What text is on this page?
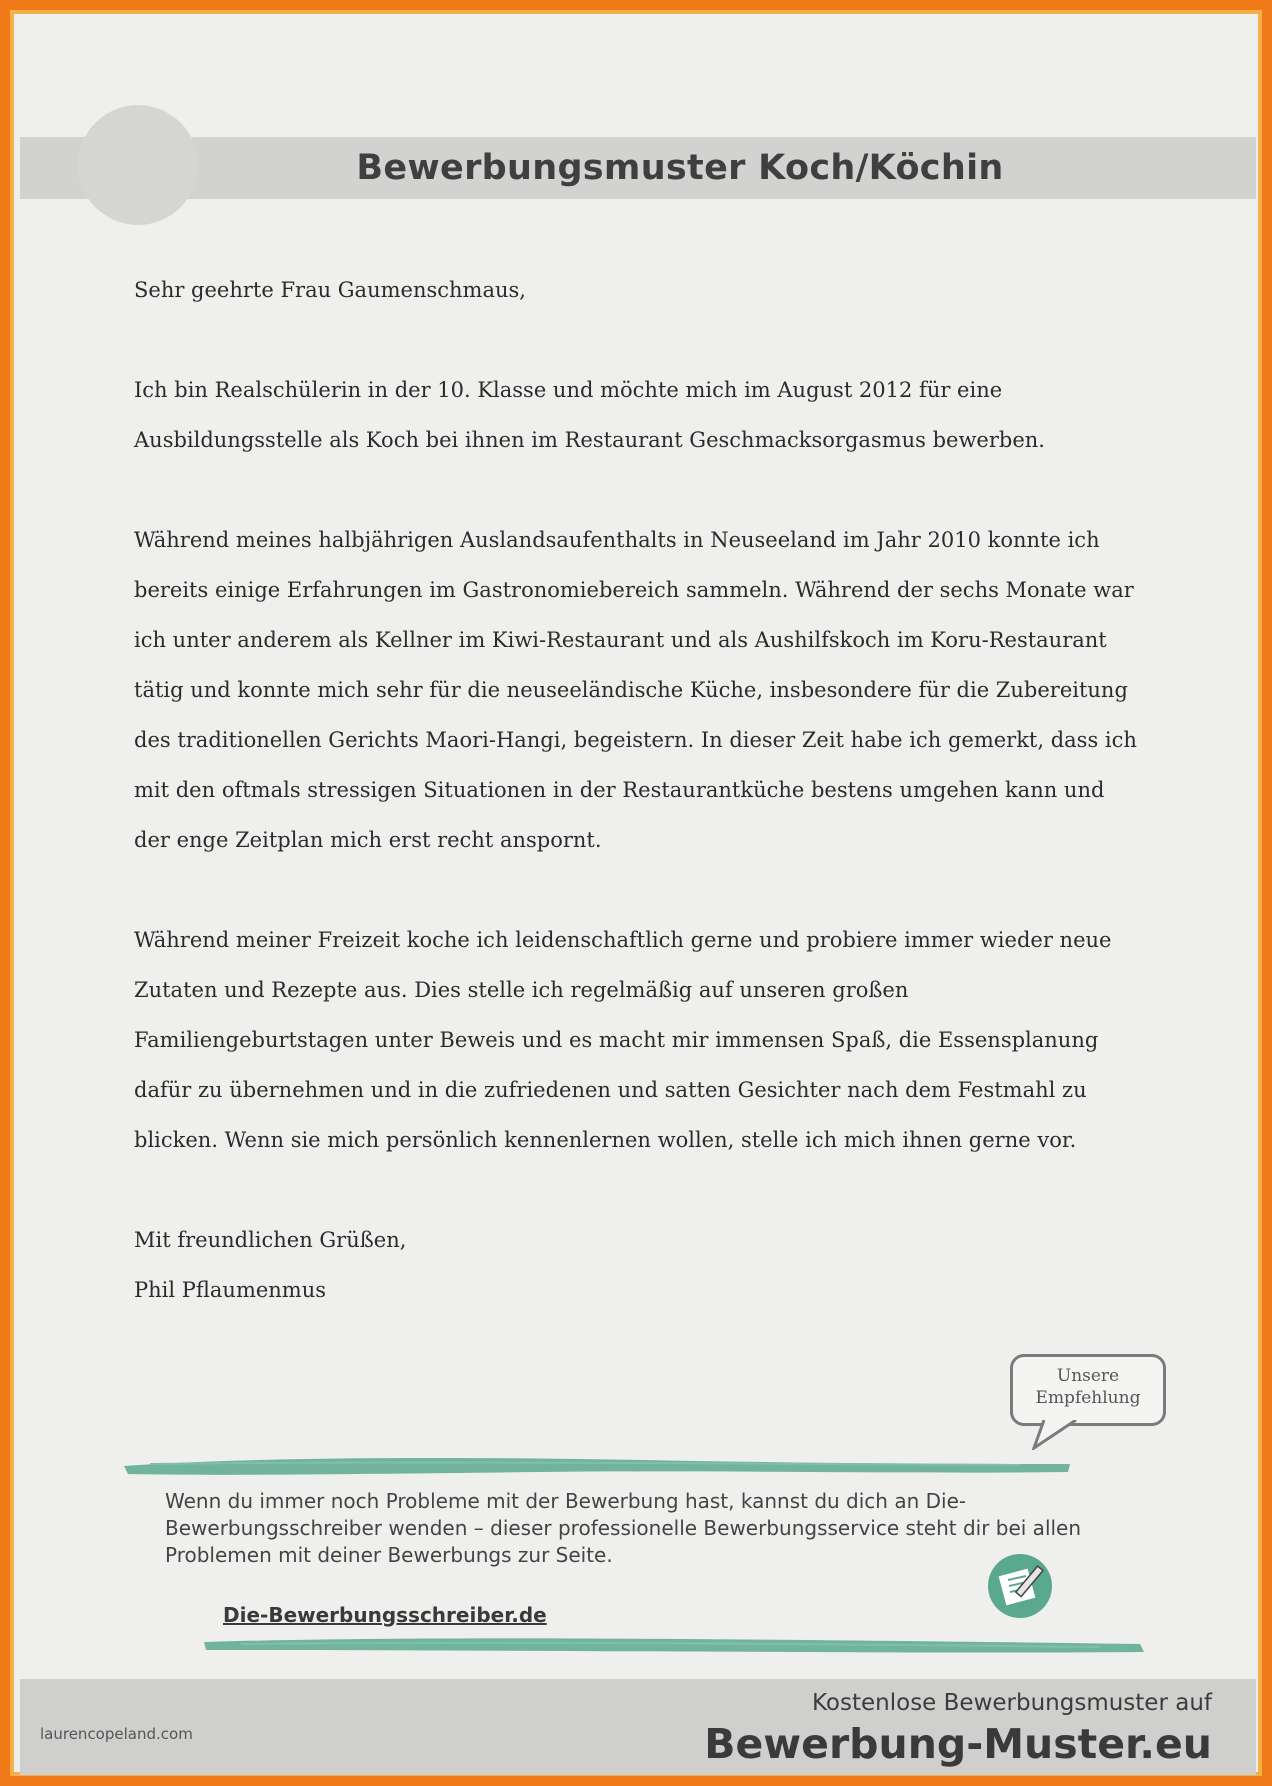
Bewerbungsmuster Koch/Köchin

Sehr geehrte Frau Gaumenschmaus,

Ich bin Realschülerin in der 10. Klasse und möchte mich im August 2012 für eine Ausbildungsstelle als Koch bei ihnen im Restaurant Geschmacksorgasmus bewerben.

Während meines halbjährigen Auslandsaufenthalts in Neuseeland im Jahr 2010 konnte ich bereits einige Erfahrungen im Gastronomiebereich sammeln. Während der sechs Monate war ich unter anderem als Kellner im Kiwi-Restaurant und als Aushilfskoch im Koru-Restaurant tätig und konnte mich sehr für die neuseeländische Küche, insbesondere für die Zubereitung des traditionellen Gerichts Maori-Hangi, begeistern. In dieser Zeit habe ich gemerkt, dass ich mit den oftmals stressigen Situationen in der Restaurantküche bestens umgehen kann und der enge Zeitplan mich erst recht anspornt.

Während meiner Freizeit koche ich leidenschaftlich gerne und probiere immer wieder neue Zutaten und Rezepte aus. Dies stelle ich regelmäßig auf unseren großen Familiengeburtstagen unter Beweis und es macht mir immensen Spaß, die Essensplanung dafür zu übernehmen und in die zufriedenen und satten Gesichter nach dem Festmahl zu blicken. Wenn sie mich persönlich kennenlernen wollen, stelle ich mich ihnen gerne vor.

Mit freundlichen Grüßen,

Phil Pflaumenmus

Unsere
Empfehlung
Wenn du immer noch Probleme mit der Bewerbung hast, kannst du dich an Die-Bewerbungsschreiber wenden – dieser professionelle Bewerbungsservice steht dir bei allen Problemen mit deiner Bewerbungs zur Seite.
Die-Bewerbungsschreiber.de
laurencopeland.com
Kostenlose Bewerbungsmuster auf
Bewerbung-Muster.eu
